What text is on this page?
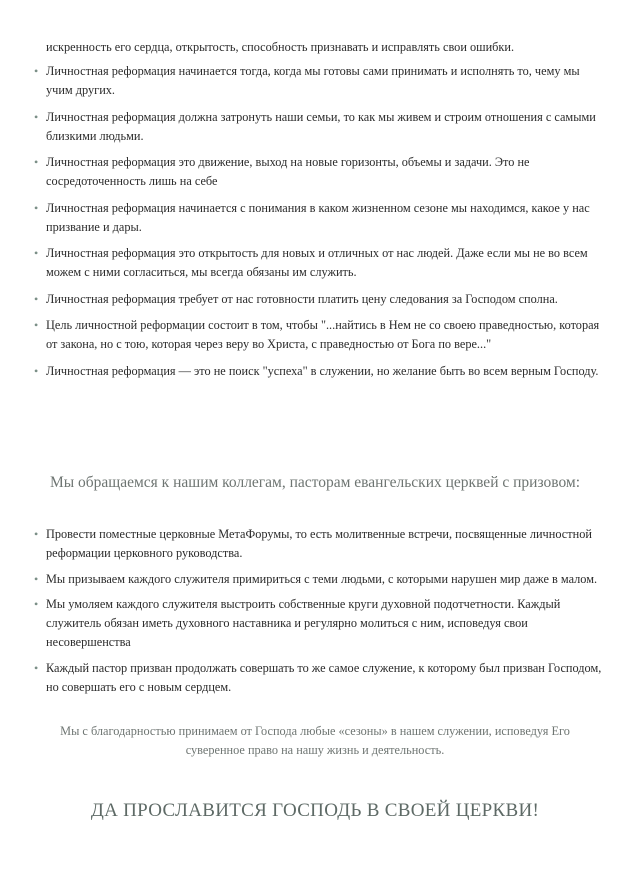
искренность его сердца, открытость, способность признавать и исправлять свои ошибки.
• Личностная реформация начинается тогда, когда мы готовы сами принимать и исполнять то, чему мы учим других.
• Личностная реформация должна затронуть наши семьи, то как мы живем и строим отношения с самыми близкими людьми.
• Личностная реформация это движение, выход на новые горизонты, объемы и задачи. Это не сосредоточенность лишь на себе
• Личностная реформация начинается с понимания в каком жизненном сезоне мы находимся, какое у нас призвание и дары.
• Личностная реформация это открытость для новых и отличных от нас людей. Даже если мы не во всем можем с ними согласиться, мы всегда обязаны им служить.
• Личностная реформация требует от нас готовности платить цену следования за Господом сполна.
• Цель личностной реформации состоит в том, чтобы "...найтись в Нем не со своею праведностью, которая от закона, но с тою, которая через веру во Христа, с праведностью от Бога по вере..."
• Личностная реформация — это не поиск "успеха" в служении, но желание быть во всем верным Господу.
Мы обращаемся к нашим коллегам, пасторам евангельских церквей с призовом:
• Провести поместные церковные МетаФорумы, то есть молитвенные встречи, посвященные личностной реформации церковного руководства.
• Мы призываем каждого служителя примириться с теми людьми, с которыми нарушен мир даже в малом.
• Мы умоляем каждого служителя выстроить собственные круги духовной подотчетности. Каждый служитель обязан иметь духовного наставника и регулярно молиться с ним, исповедуя свои несовершенства
• Каждый пастор призван продолжать совершать то же самое служение, к которому был призван Господом, но совершать его с новым сердцем.
Мы с благодарностью принимаем от Господа любые «сезоны» в нашем служении, исповедуя Его суверенное право на нашу жизнь и деятельность.
ДА ПРОСЛАВИТСЯ ГОСПОДЬ В СВОЕЙ ЦЕРКВИ!
